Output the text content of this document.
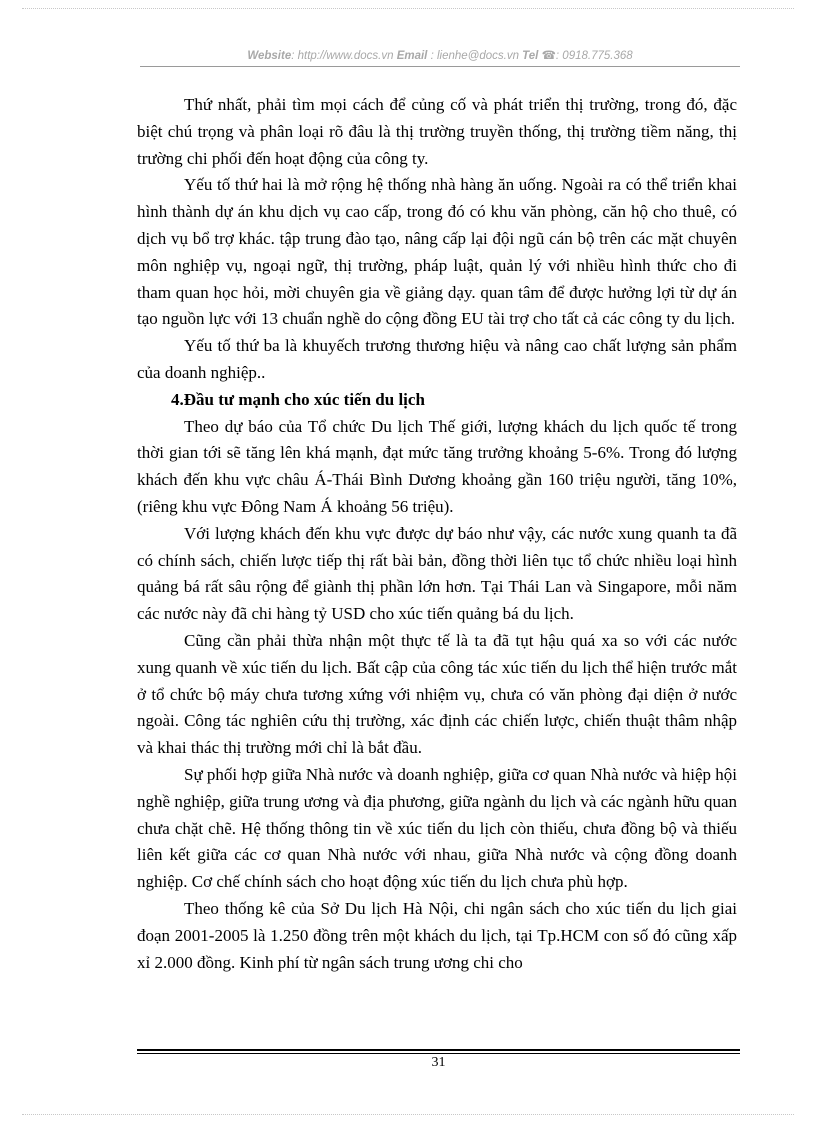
Website: http://www.docs.vn Email : lienhe@docs.vn Tel ☎: 0918.775.368

Thứ nhất, phải tìm mọi cách để củng cố và phát triển thị trường, trong đó, đặc biệt chú trọng và phân loại rõ đâu là thị trường truyền thống, thị trường tiềm năng, thị trường chi phối đến hoạt động của công ty.

Yếu tố thứ hai là mở rộng hệ thống nhà hàng ăn uống. Ngoài ra có thể triển khai hình thành dự án khu dịch vụ cao cấp, trong đó có khu văn phòng, căn hộ cho thuê, có dịch vụ bổ trợ khác. tập trung đào tạo, nâng cấp lại đội ngũ cán bộ trên các mặt chuyên môn nghiệp vụ, ngoại ngữ, thị trường, pháp luật, quản lý với nhiều hình thức cho đi tham quan học hỏi, mời chuyên gia về giảng dạy. quan tâm để được hưởng lợi từ dự án tạo nguồn lực với 13 chuẩn nghề do cộng đồng EU tài trợ cho tất cả các công ty du lịch.

Yếu tố thứ ba là khuyếch trương thương hiệu và nâng cao chất lượng sản phẩm của doanh nghiệp..

4.Đầu tư mạnh cho xúc tiến du lịch

Theo dự báo của Tổ chức Du lịch Thế giới, lượng khách du lịch quốc tế trong thời gian tới sẽ tăng lên khá mạnh, đạt mức tăng trưởng khoảng 5-6%. Trong đó lượng khách đến khu vực châu Á-Thái Bình Dương khoảng gần 160 triệu người, tăng 10%, (riêng khu vực Đông Nam Á khoảng 56 triệu).

Với lượng khách đến khu vực được dự báo như vậy, các nước xung quanh ta đã có chính sách, chiến lược tiếp thị rất bài bản, đồng thời liên tục tổ chức nhiều loại hình quảng bá rất sâu rộng để giành thị phần lớn hơn. Tại Thái Lan và Singapore, mỗi năm các nước này đã chi hàng tỷ USD cho xúc tiến quảng bá du lịch.

Cũng cần phải thừa nhận một thực tế là ta đã tụt hậu quá xa so với các nước xung quanh về xúc tiến du lịch. Bất cập của công tác xúc tiến du lịch thể hiện trước mắt ở tổ chức bộ máy chưa tương xứng với nhiệm vụ, chưa có văn phòng đại diện ở nước ngoài. Công tác nghiên cứu thị trường, xác định các chiến lược, chiến thuật thâm nhập và khai thác thị trường mới chỉ là bắt đầu.

Sự phối hợp giữa Nhà nước và doanh nghiệp, giữa cơ quan Nhà nước và hiệp hội nghề nghiệp, giữa trung ương và địa phương, giữa ngành du lịch và các ngành hữu quan chưa chặt chẽ. Hệ thống thông tin về xúc tiến du lịch còn thiếu, chưa đồng bộ và thiếu liên kết giữa các cơ quan Nhà nước với nhau, giữa Nhà nước và cộng đồng doanh nghiệp. Cơ chế chính sách cho hoạt động xúc tiến du lịch chưa phù hợp.

Theo thống kê của Sở Du lịch Hà Nội, chi ngân sách cho xúc tiến du lịch giai đoạn 2001-2005 là 1.250 đồng trên một khách du lịch, tại Tp.HCM con số đó cũng xấp xỉ 2.000 đồng. Kinh phí từ ngân sách trung ương chi cho

31
